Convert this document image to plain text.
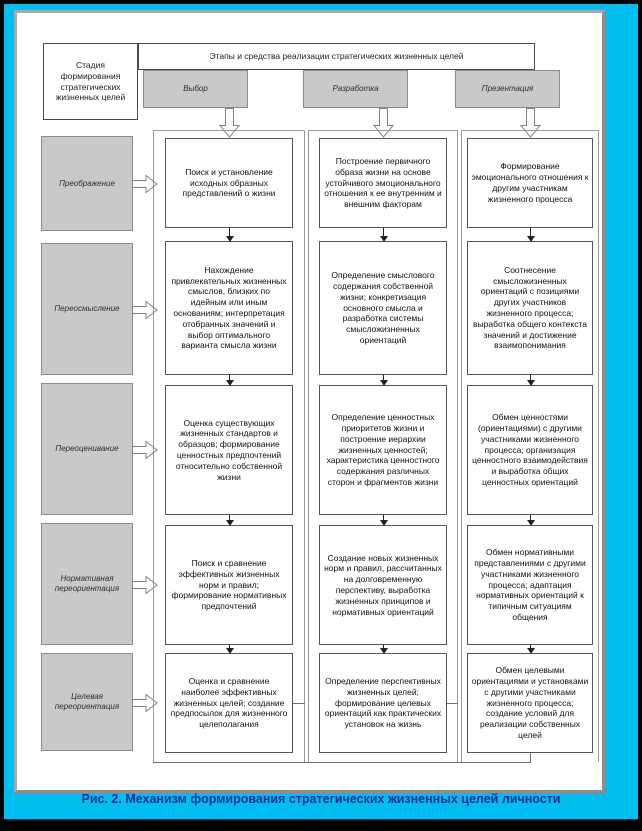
Стадия формирования стратегических жизненных целей
Этапы и средства реализации стратегических жизненных целей
Выбор	Разработка	Презентация
Преображение
Переосмысление
Переоценивание
Нормативная переориентация
Целевая переориентация
Поиск и установление исходных образных представлений о жизни
Нахождение привлекательных жизненных смыслов, близких по идейным или иным основаниям; интерпретация отобранных значений и выбор оптимального варианта смысла жизни
Оценка существующих жизненных стандартов и образцов; формирование ценностных предпочтений относительно собственной жизни
Поиск и сравнение эффективных жизненных норм и правил; формирование нормативных предпочтений
Оценка и сравнение наиболее эффективных жизненных целей; создание предпосылок для жизненного целеполагания
Построение первичного образа жизни на основе устойчивого эмоционального отношения к ее внутренним и внешним факторам
Определение смыслового содержания собственной жизни; конкретизация основного смысла и разработка системы смысложизненных ориентаций
Определение ценностных приоритетов жизни и построение иерархии жизненных ценностей; характеристика ценностного содержания различных сторон и фрагментов жизни
Создание новых жизненных норм и правил, рассчитанных на долговременную перспективу, выработка жизненных принципов и нормативных ориентаций
Определение перспективных жизненных целей; формирование целевых ориентаций как практических установок на жизнь
Формирование эмоционального отношения к другим участникам жизненного процесса
Соотнесение смысложизненных ориентаций с позициями других участников жизненного процесса; выработка общего контекста значений и достижение взаимопонимания
Обмен ценностями (ориентациями) с другими участниками жизненного процесса; организация ценностного взаимодействия и выработка общих ценностных ориентаций
Обмен нормативными представлениями с другими участниками жизненного процесса; адаптация нормативных ориентаций к типичным ситуациям общения
Обмен целевыми ориентациями и установками с другими участниками жизненного процесса; создание условий для реализации собственных целей
Рис. 2. Механизм формирования стратегических жизненных целей личности
